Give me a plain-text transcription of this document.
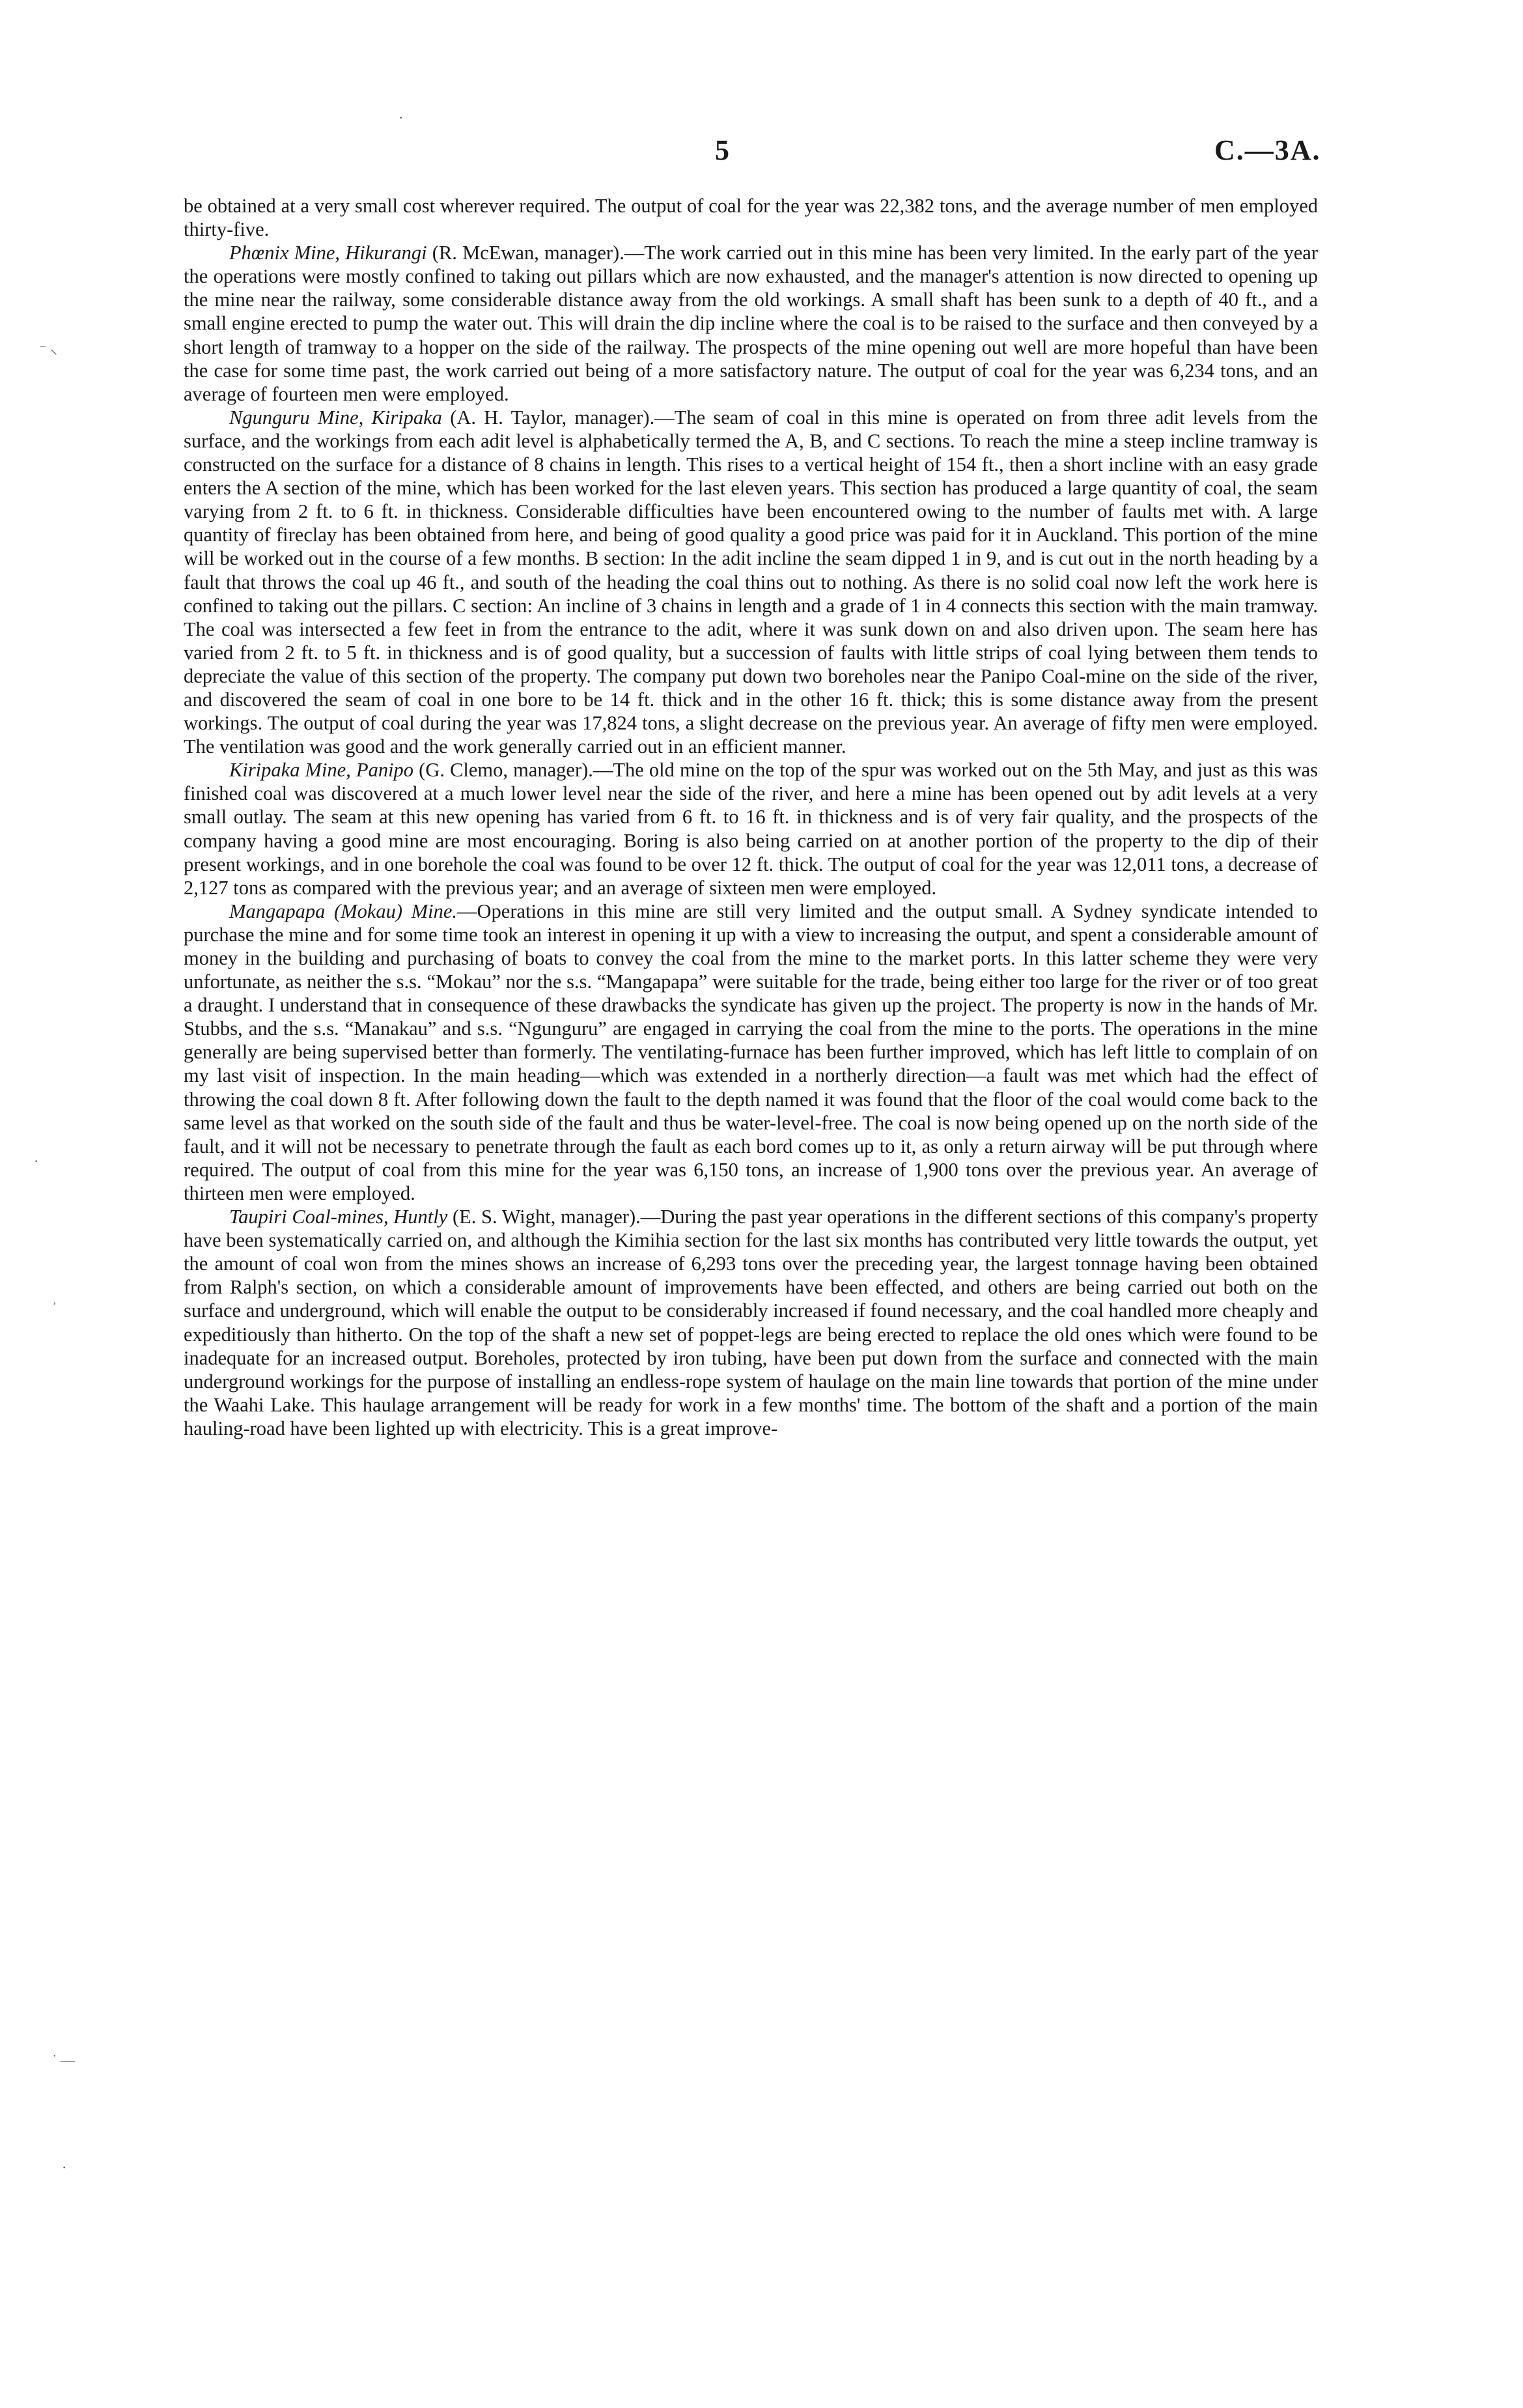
5	C.—3A.
·
⁻ ⸜
·
᾽
˙ —
·

be obtained at a very small cost wherever required. The output of coal for the year was 22,382 tons, and the average number of men employed thirty-five.

Phœnix Mine, Hikurangi (R. McEwan, manager).—The work carried out in this mine has been very limited. In the early part of the year the operations were mostly confined to taking out pillars which are now exhausted, and the manager's attention is now directed to opening up the mine near the railway, some considerable distance away from the old workings. A small shaft has been sunk to a depth of 40 ft., and a small engine erected to pump the water out. This will drain the dip incline where the coal is to be raised to the surface and then conveyed by a short length of tramway to a hopper on the side of the railway. The prospects of the mine opening out well are more hopeful than have been the case for some time past, the work carried out being of a more satisfactory nature. The output of coal for the year was 6,234 tons, and an average of fourteen men were employed.

Ngunguru Mine, Kiripaka (A. H. Taylor, manager).—The seam of coal in this mine is operated on from three adit levels from the surface, and the workings from each adit level is alphabetically termed the A, B, and C sections. To reach the mine a steep incline tramway is constructed on the surface for a distance of 8 chains in length. This rises to a vertical height of 154 ft., then a short incline with an easy grade enters the A section of the mine, which has been worked for the last eleven years. This section has produced a large quantity of coal, the seam varying from 2 ft. to 6 ft. in thickness. Considerable difficulties have been encountered owing to the number of faults met with. A large quantity of fireclay has been obtained from here, and being of good quality a good price was paid for it in Auckland. This portion of the mine will be worked out in the course of a few months. B section: In the adit incline the seam dipped 1 in 9, and is cut out in the north heading by a fault that throws the coal up 46 ft., and south of the heading the coal thins out to nothing. As there is no solid coal now left the work here is confined to taking out the pillars. C section: An incline of 3 chains in length and a grade of 1 in 4 connects this section with the main tramway. The coal was intersected a few feet in from the entrance to the adit, where it was sunk down on and also driven upon. The seam here has varied from 2 ft. to 5 ft. in thickness and is of good quality, but a succession of faults with little strips of coal lying between them tends to depreciate the value of this section of the property. The company put down two boreholes near the Panipo Coal-mine on the side of the river, and discovered the seam of coal in one bore to be 14 ft. thick and in the other 16 ft. thick; this is some distance away from the present workings. The output of coal during the year was 17,824 tons, a slight decrease on the previous year. An average of fifty men were employed. The ventilation was good and the work generally carried out in an efficient manner.

Kiripaka Mine, Panipo (G. Clemo, manager).—The old mine on the top of the spur was worked out on the 5th May, and just as this was finished coal was discovered at a much lower level near the side of the river, and here a mine has been opened out by adit levels at a very small outlay. The seam at this new opening has varied from 6 ft. to 16 ft. in thickness and is of very fair quality, and the prospects of the company having a good mine are most encouraging. Boring is also being carried on at another portion of the property to the dip of their present workings, and in one borehole the coal was found to be over 12 ft. thick. The output of coal for the year was 12,011 tons, a decrease of 2,127 tons as compared with the previous year; and an average of sixteen men were employed.

Mangapapa (Mokau) Mine.—Operations in this mine are still very limited and the output small. A Sydney syndicate intended to purchase the mine and for some time took an interest in opening it up with a view to increasing the output, and spent a considerable amount of money in the building and purchasing of boats to convey the coal from the mine to the market ports. In this latter scheme they were very unfortunate, as neither the s.s. “Mokau” nor the s.s. “Mangapapa” were suitable for the trade, being either too large for the river or of too great a draught. I understand that in consequence of these drawbacks the syndicate has given up the project. The property is now in the hands of Mr. Stubbs, and the s.s. “Manakau” and s.s. “Ngunguru” are engaged in carrying the coal from the mine to the ports. The operations in the mine generally are being supervised better than formerly. The ventilating-furnace has been further improved, which has left little to complain of on my last visit of inspection. In the main heading—which was extended in a northerly direction—a fault was met which had the effect of throwing the coal down 8 ft. After following down the fault to the depth named it was found that the floor of the coal would come back to the same level as that worked on the south side of the fault and thus be water-level-free. The coal is now being opened up on the north side of the fault, and it will not be necessary to penetrate through the fault as each bord comes up to it, as only a return airway will be put through where required. The output of coal from this mine for the year was 6,150 tons, an increase of 1,900 tons over the previous year. An average of thirteen men were employed.

Taupiri Coal-mines, Huntly (E. S. Wight, manager).—During the past year operations in the different sections of this company's property have been systematically carried on, and although the Kimihia section for the last six months has contributed very little towards the output, yet the amount of coal won from the mines shows an increase of 6,293 tons over the preceding year, the largest tonnage having been obtained from Ralph's section, on which a considerable amount of improvements have been effected, and others are being carried out both on the surface and underground, which will enable the output to be considerably increased if found necessary, and the coal handled more cheaply and expeditiously than hitherto. On the top of the shaft a new set of poppet-legs are being erected to replace the old ones which were found to be inadequate for an increased output. Boreholes, protected by iron tubing, have been put down from the surface and connected with the main underground workings for the purpose of installing an endless-rope system of haulage on the main line towards that portion of the mine under the Waahi Lake. This haulage arrangement will be ready for work in a few months' time. The bottom of the shaft and a portion of the main hauling-road have been lighted up with electricity. This is a great improve-
